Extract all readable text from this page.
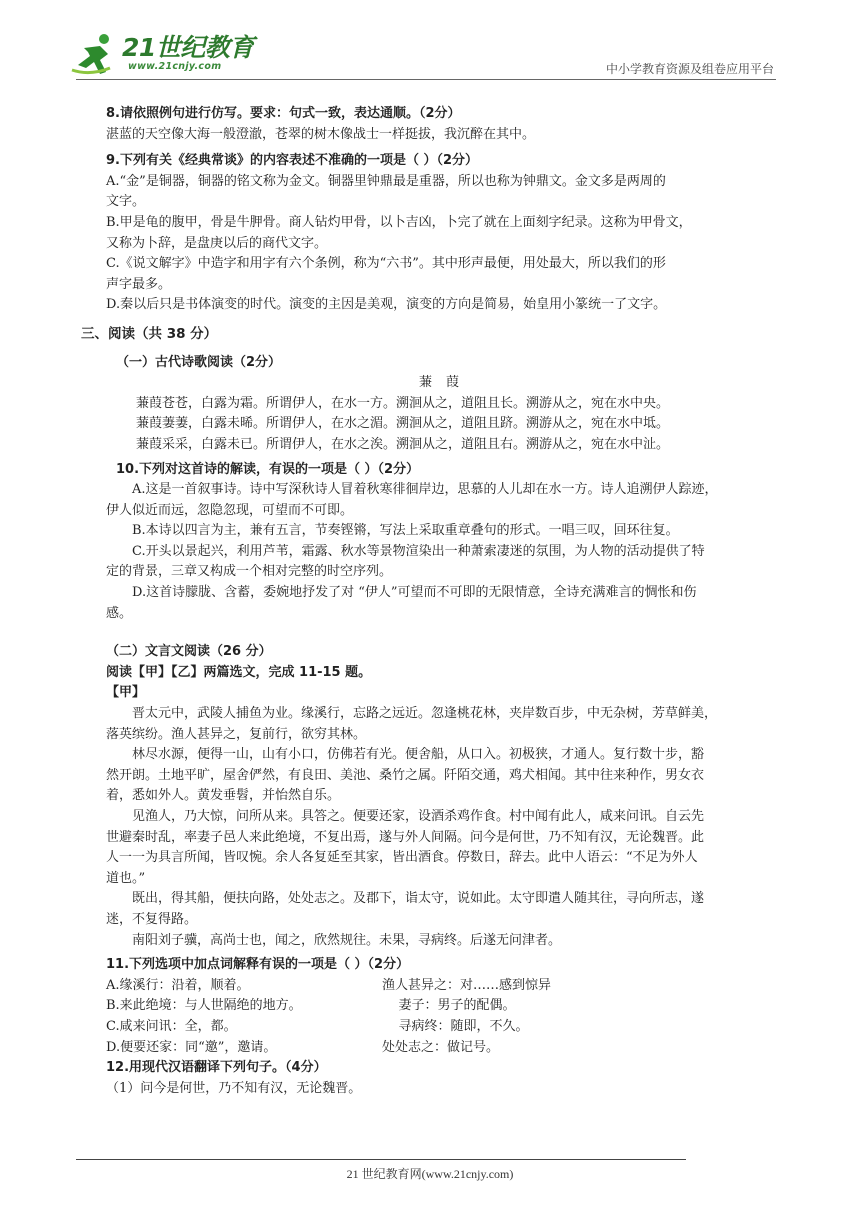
21世纪教育
www.21cnjy.com	中小学教育资源及组卷应用平台

8.请依照例句进行仿写。要求：句式一致，表达通顺。（2分）

湛蓝的天空像大海一般澄澈，苍翠的树木像战士一样挺拔，我沉醉在其中。

9.下列有关《经典常谈》的内容表述不准确的一项是（ ）（2分）

A.“金”是铜器，铜器的铭文称为金文。铜器里钟鼎最是重器，所以也称为钟鼎文。金文多是两周的

文字。

B.甲是龟的腹甲，骨是牛胛骨。商人钻灼甲骨，以卜吉凶，卜完了就在上面刻字纪录。这称为甲骨文，

又称为卜辞，是盘庚以后的商代文字。

C.《说文解字》中造字和用字有六个条例，称为“六书”。其中形声最便，用处最大，所以我们的形

声字最多。

D.秦以后只是书体演变的时代。演变的主因是美观，演变的方向是简易，始皇用小篆统一了文字。

三、阅读（共 38 分）
（一）古代诗歌阅读（2分）
蒹葭

蒹葭苍苍，白露为霜。所谓伊人，在水一方。溯洄从之，道阻且长。溯游从之，宛在水中央。

蒹葭萋萋，白露未晞。所谓伊人，在水之湄。溯洄从之，道阻且跻。溯游从之，宛在水中坻。

蒹葭采采，白露未已。所谓伊人，在水之涘。溯洄从之，道阻且右。溯游从之，宛在水中沚。

10.下列对这首诗的解读，有误的一项是（ ）（2分）

A.这是一首叙事诗。诗中写深秋诗人冒着秋寒徘徊岸边，思慕的人儿却在水一方。诗人追溯伊人踪迹，

伊人似近而远，忽隐忽现，可望而不可即。

B.本诗以四言为主，兼有五言，节奏铿锵，写法上采取重章叠句的形式。一唱三叹，回环往复。

C.开头以景起兴，利用芦苇，霜露、秋水等景物渲染出一种萧索凄迷的氛围，为人物的活动提供了特

定的背景，三章又构成一个相对完整的时空序列。

D.这首诗朦胧、含蓄，委婉地抒发了对 “伊人”可望而不可即的无限情意，全诗充满难言的惆怅和伤

感。

（二）文言文阅读（26 分）

阅读【甲】【乙】两篇选文，完成 11-15 题。

【甲】

晋太元中，武陵人捕鱼为业。缘溪行，忘路之远近。忽逢桃花林，夹岸数百步，中无杂树，芳草鲜美，

落英缤纷。渔人甚异之，复前行，欲穷其林。

林尽水源，便得一山，山有小口，仿佛若有光。便舍船，从口入。初极狭，才通人。复行数十步，豁

然开朗。土地平旷，屋舍俨然，有良田、美池、桑竹之属。阡陌交通，鸡犬相闻。其中往来种作，男女衣

着，悉如外人。黄发垂髫，并怡然自乐。

见渔人，乃大惊，问所从来。具答之。便要还家，设酒杀鸡作食。村中闻有此人，咸来问讯。自云先

世避秦时乱，率妻子邑人来此绝境，不复出焉，遂与外人间隔。问今是何世，乃不知有汉，无论魏晋。此

人一一为具言所闻，皆叹惋。余人各复延至其家，皆出酒食。停数日，辞去。此中人语云：“不足为外人

道也。”

既出，得其船，便扶向路，处处志之。及郡下，诣太守，说如此。太守即遣人随其往，寻向所志，遂

迷，不复得路。

南阳刘子骥，高尚士也，闻之，欣然规往。未果，寻病终。后遂无问津者。

11.下列选项中加点词解释有误的一项是（ ）（2分）

A.缘溪行：沿着，顺着。	渔人甚异之：对……感到惊异
B.来此绝境：与人世隔绝的地方。	妻子：男子的配偶。
C.咸来问讯：全，都。	寻病终：随即，不久。
D.便要还家：同“邀”，邀请。	处处志之：做记号。

12.用现代汉语翻译下列句子。（4分）

（1）问今是何世，乃不知有汉，无论魏晋。

21 世纪教育网(www.21cnjy.com)
